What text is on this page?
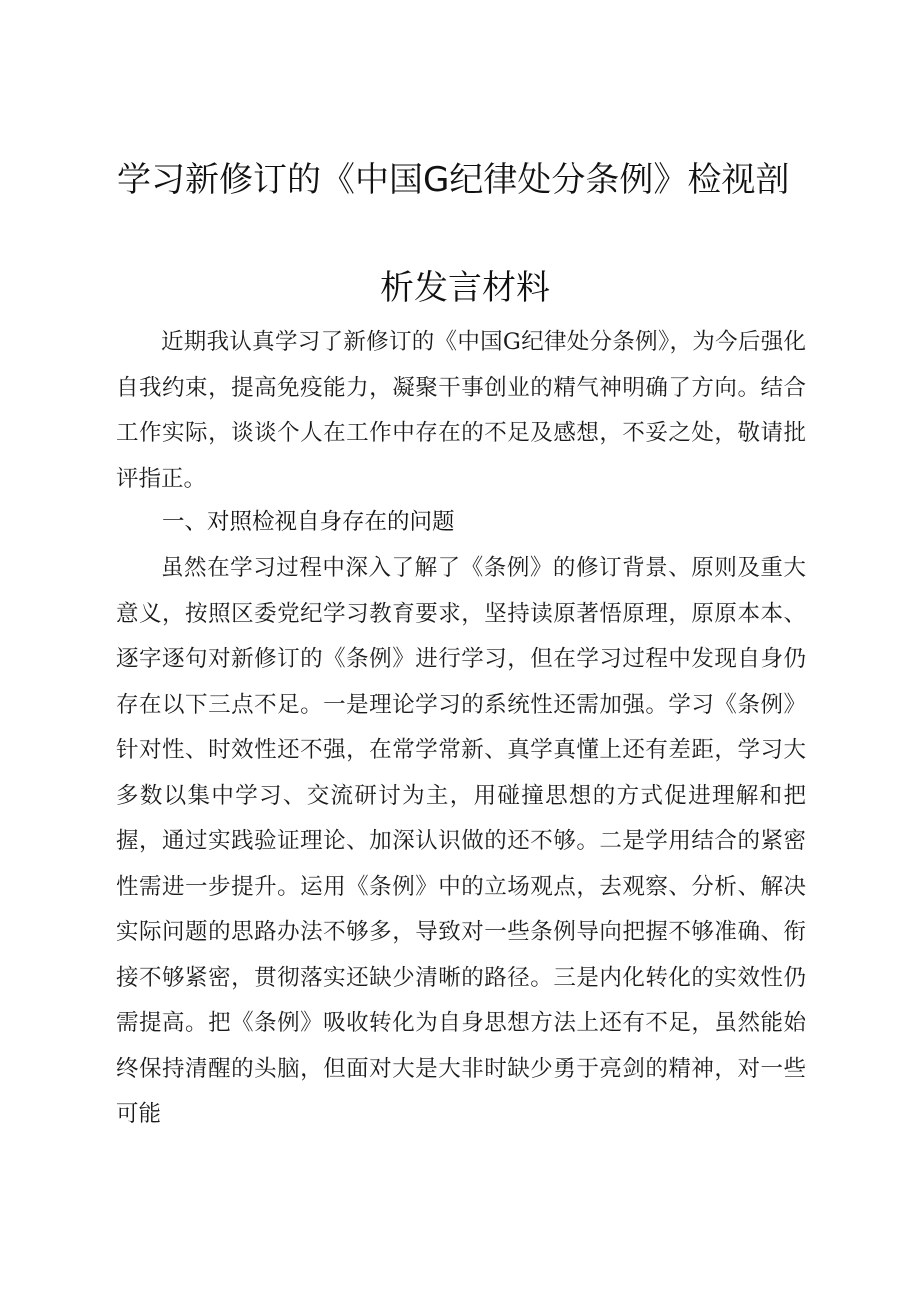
学习新修订的《中国G纪律处分条例》检视剖
析发言材料

近期我认真学习了新修订的《中国G纪律处分条例》，为今后强化自我约束，提高免疫能力，凝聚干事创业的精气神明确了方向。结合工作实际，谈谈个人在工作中存在的不足及感想，不妥之处，敬请批评指正。

一、对照检视自身存在的问题

虽然在学习过程中深入了解了《条例》的修订背景、原则及重大意义，按照区委党纪学习教育要求，坚持读原著悟原理，原原本本、逐字逐句对新修订的《条例》进行学习，但在学习过程中发现自身仍存在以下三点不足。一是理论学习的系统性还需加强。学习《条例》针对性、时效性还不强，在常学常新、真学真懂上还有差距，学习大多数以集中学习、交流研讨为主，用碰撞思想的方式促进理解和把握，通过实践验证理论、加深认识做的还不够。二是学用结合的紧密性需进一步提升。运用《条例》中的立场观点，去观察、分析、解决实际问题的思路办法不够多，导致对一些条例导向把握不够准确、衔接不够紧密，贯彻落实还缺少清晰的路径。三是内化转化的实效性仍需提高。把《条例》吸收转化为自身思想方法上还有不足，虽然能始终保持清醒的头脑，但面对大是大非时缺少勇于亮剑的精神，对一些可能
